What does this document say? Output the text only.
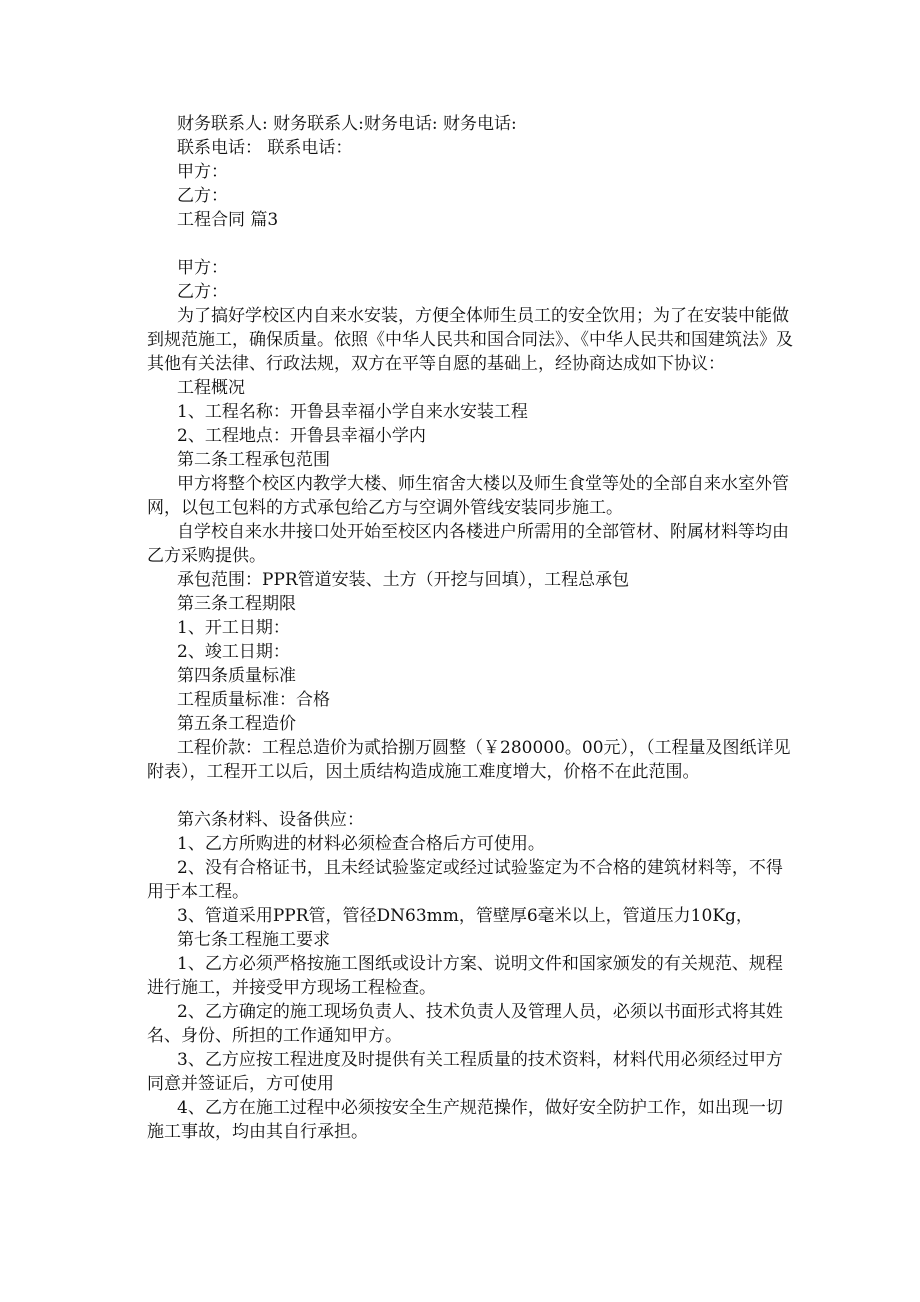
财务联系人: 财务联系人:财务电话: 财务电话:

联系电话： 联系电话：

甲方：

乙方：

工程合同 篇3

甲方：

乙方：

为了搞好学校区内自来水安装，方便全体师生员工的安全饮用；为了在安装中能做到规范施工，确保质量。依照《中华人民共和国合同法》、《中华人民共和国建筑法》及其他有关法律、行政法规，双方在平等自愿的基础上，经协商达成如下协议：

工程概况

1、工程名称：开鲁县幸福小学自来水安装工程

2、工程地点：开鲁县幸福小学内

第二条工程承包范围

甲方将整个校区内教学大楼、师生宿舍大楼以及师生食堂等处的全部自来水室外管网，以包工包料的方式承包给乙方与空调外管线安装同步施工。

自学校自来水井接口处开始至校区内各楼进户所需用的全部管材、附属材料等均由乙方采购提供。

承包范围：PPR管道安装、土方（开挖与回填），工程总承包

第三条工程期限

1、开工日期：

2、竣工日期：

第四条质量标准

工程质量标准：合格

第五条工程造价

工程价款：工程总造价为贰拾捌万圆整（￥280000。00元），（工程量及图纸详见附表），工程开工以后，因土质结构造成施工难度增大，价格不在此范围。

第六条材料、设备供应：

1、乙方所购进的材料必须检查合格后方可使用。

2、没有合格证书，且未经试验鉴定或经过试验鉴定为不合格的建筑材料等，不得用于本工程。

3、管道采用PPR管，管径DN63mm，管壁厚6毫米以上，管道压力10Kg，

第七条工程施工要求

1、乙方必须严格按施工图纸或设计方案、说明文件和国家颁发的有关规范、规程进行施工，并接受甲方现场工程检查。

2、乙方确定的施工现场负责人、技术负责人及管理人员，必须以书面形式将其姓名、身份、所担的工作通知甲方。

3、乙方应按工程进度及时提供有关工程质量的技术资料，材料代用必须经过甲方同意并签证后，方可使用

4、乙方在施工过程中必须按安全生产规范操作，做好安全防护工作，如出现一切施工事故，均由其自行承担。
